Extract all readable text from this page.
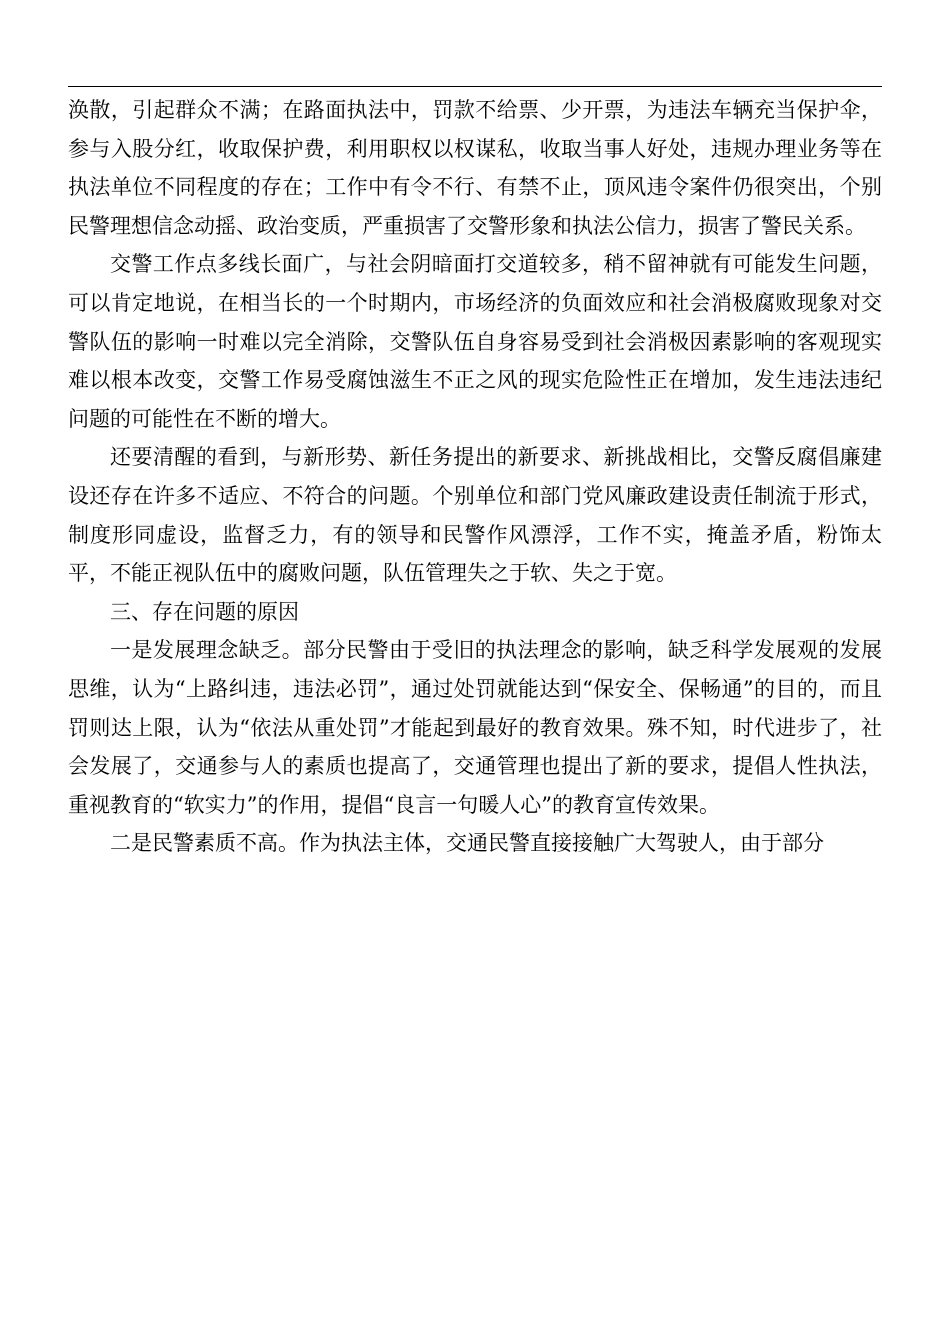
涣散，引起群众不满；在路面执法中，罚款不给票、少开票，为违法车辆充当保护伞，参与入股分红，收取保护费，利用职权以权谋私，收取当事人好处，违规办理业务等在执法单位不同程度的存在；工作中有令不行、有禁不止，顶风违令案件仍很突出，个别民警理想信念动摇、政治变质，严重损害了交警形象和执法公信力，损害了警民关系。

交警工作点多线长面广，与社会阴暗面打交道较多，稍不留神就有可能发生问题，可以肯定地说，在相当长的一个时期内，市场经济的负面效应和社会消极腐败现象对交警队伍的影响一时难以完全消除，交警队伍自身容易受到社会消极因素影响的客观现实难以根本改变，交警工作易受腐蚀滋生不正之风的现实危险性正在增加，发生违法违纪问题的可能性在不断的增大。

还要清醒的看到，与新形势、新任务提出的新要求、新挑战相比，交警反腐倡廉建设还存在许多不适应、不符合的问题。个别单位和部门党风廉政建设责任制流于形式，制度形同虚设，监督乏力，有的领导和民警作风漂浮，工作不实，掩盖矛盾，粉饰太平，不能正视队伍中的腐败问题，队伍管理失之于软、失之于宽。

三、存在问题的原因

一是发展理念缺乏。部分民警由于受旧的执法理念的影响，缺乏科学发展观的发展思维，认为“上路纠违，违法必罚”，通过处罚就能达到“保安全、保畅通”的目的，而且罚则达上限，认为“依法从重处罚”才能起到最好的教育效果。殊不知，时代进步了，社会发展了，交通参与人的素质也提高了，交通管理也提出了新的要求，提倡人性执法，重视教育的“软实力”的作用，提倡“良言一句暖人心”的教育宣传效果。

二是民警素质不高。作为执法主体，交通民警直接接触广大驾驶人，由于部分
